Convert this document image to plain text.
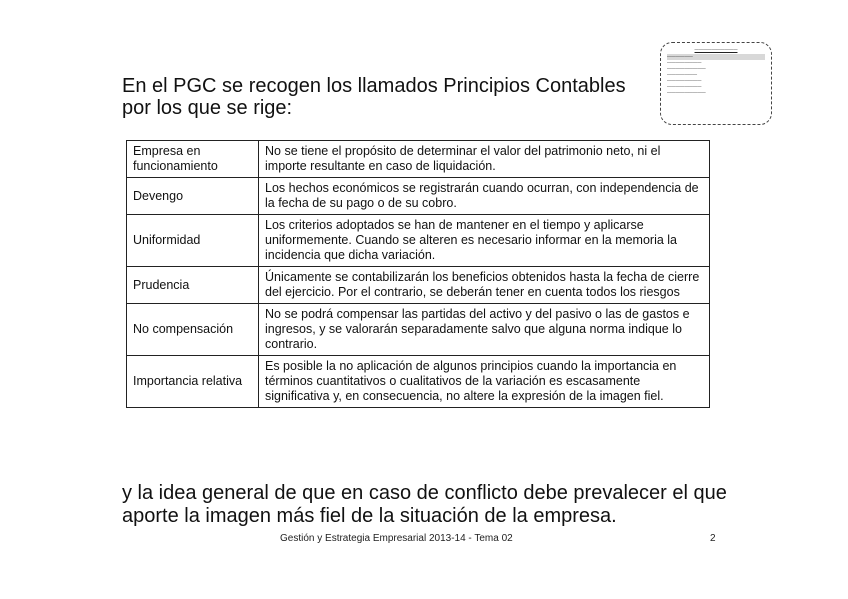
En el PGC se recogen los llamados Principios Contables
por los que se rige:
——————————
——————
————————
—————————
———————
————————
————————
—————————
Empresa en funcionamiento	No se tiene el propósito de determinar el valor del patrimonio neto, ni el importe resultante en caso de liquidación.
Devengo	Los hechos económicos se registrarán cuando ocurran, con independencia de la fecha de su pago o de su cobro.
Uniformidad	Los criterios adoptados se han de mantener en el tiempo y aplicarse uniformemente. Cuando se alteren es necesario informar en la memoria la incidencia que dicha variación.
Prudencia	Únicamente se contabilizarán los beneficios obtenidos hasta la fecha de cierre del ejercicio. Por el contrario, se deberán tener en cuenta todos los riesgos
No compensación	No se podrá compensar las partidas del activo y del pasivo o las de gastos e ingresos, y se valorarán separadamente salvo que alguna norma indique lo contrario.
Importancia relativa	Es posible la no aplicación de algunos principios cuando la importancia en términos cuantitativos o cualitativos de la variación es escasamente significativa y, en consecuencia, no altere la expresión de la imagen fiel.
y la idea general de que en caso de conflicto debe prevalecer el que
aporte la imagen más fiel de la situación de la empresa.
Gestión y Estrategia Empresarial 2013-14 - Tema 02	2
